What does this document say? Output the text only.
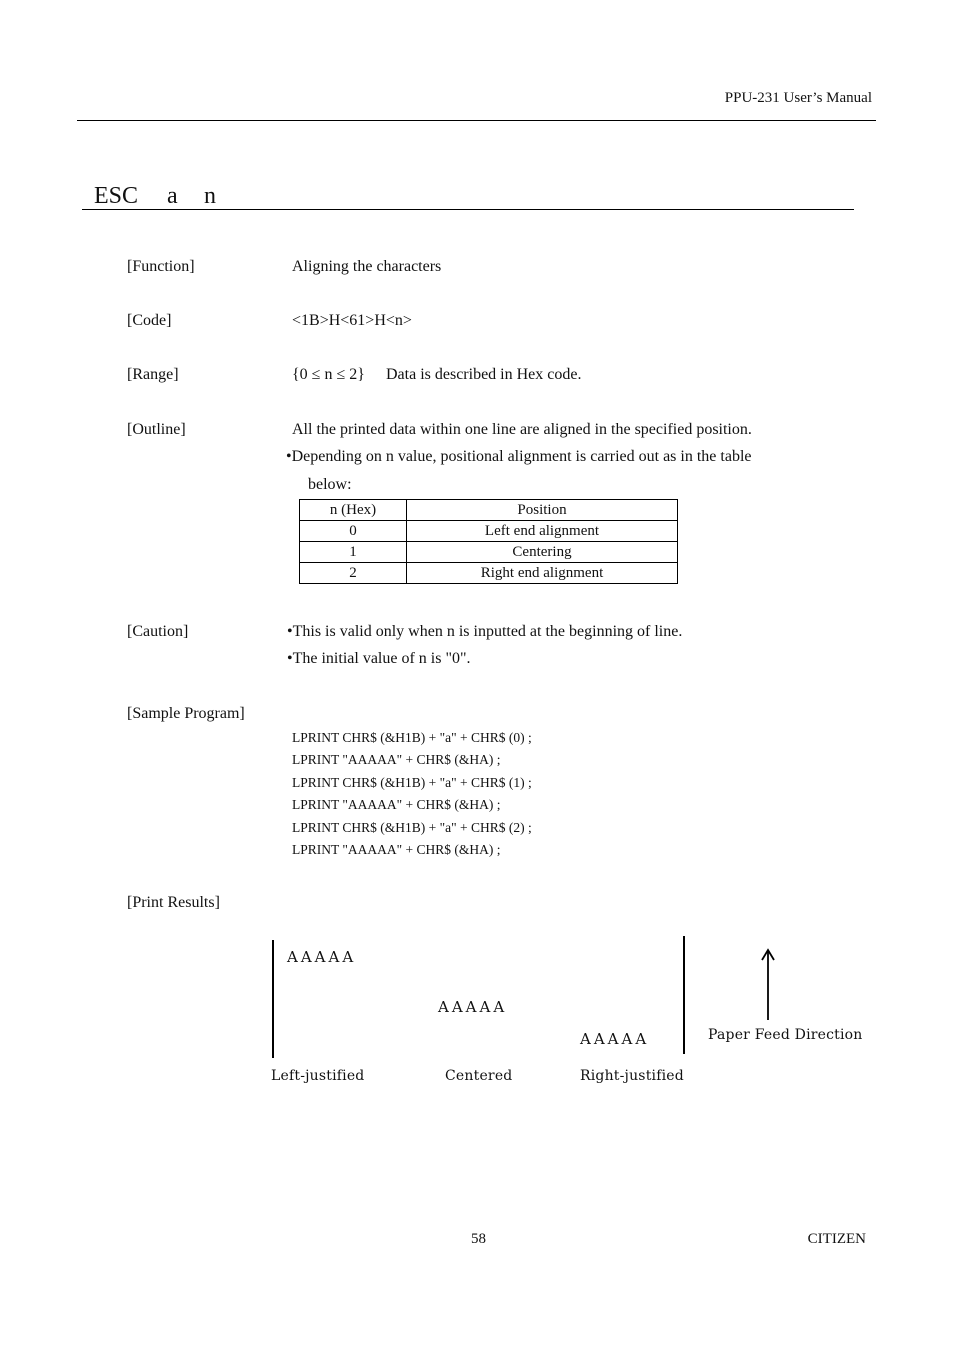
PPU-231 User’s Manual
ESC a n
[Function]	Aligning the characters
[Code]	<1B>H<61>H<n>
[Range]	{0 ≤ n ≤ 2} Data is described in Hex code.
[Outline]	All the printed data within one line are aligned in the specified position.
•Depending on n value, positional alignment is carried out as in the table
below:
n (Hex)	Position
0	Left end alignment
1	Centering
2	Right end alignment
[Caution]	•This is valid only when n is inputted at the beginning of line.
•The initial value of n is "0".
[Sample Program]
LPRINT CHR$ (&H1B) + "a" + CHR$ (0) ;
LPRINT "AAAAA" + CHR$ (&HA) ;
LPRINT CHR$ (&H1B) + "a" + CHR$ (1) ;
LPRINT "AAAAA" + CHR$ (&HA) ;
LPRINT CHR$ (&H1B) + "a" + CHR$ (2) ;
LPRINT "AAAAA" + CHR$ (&HA) ;
[Print Results]
AAAAA
AAAAA
AAAAA
Left-justified	Centered	Right-justified
Paper Feed Direction
58	CITIZEN
